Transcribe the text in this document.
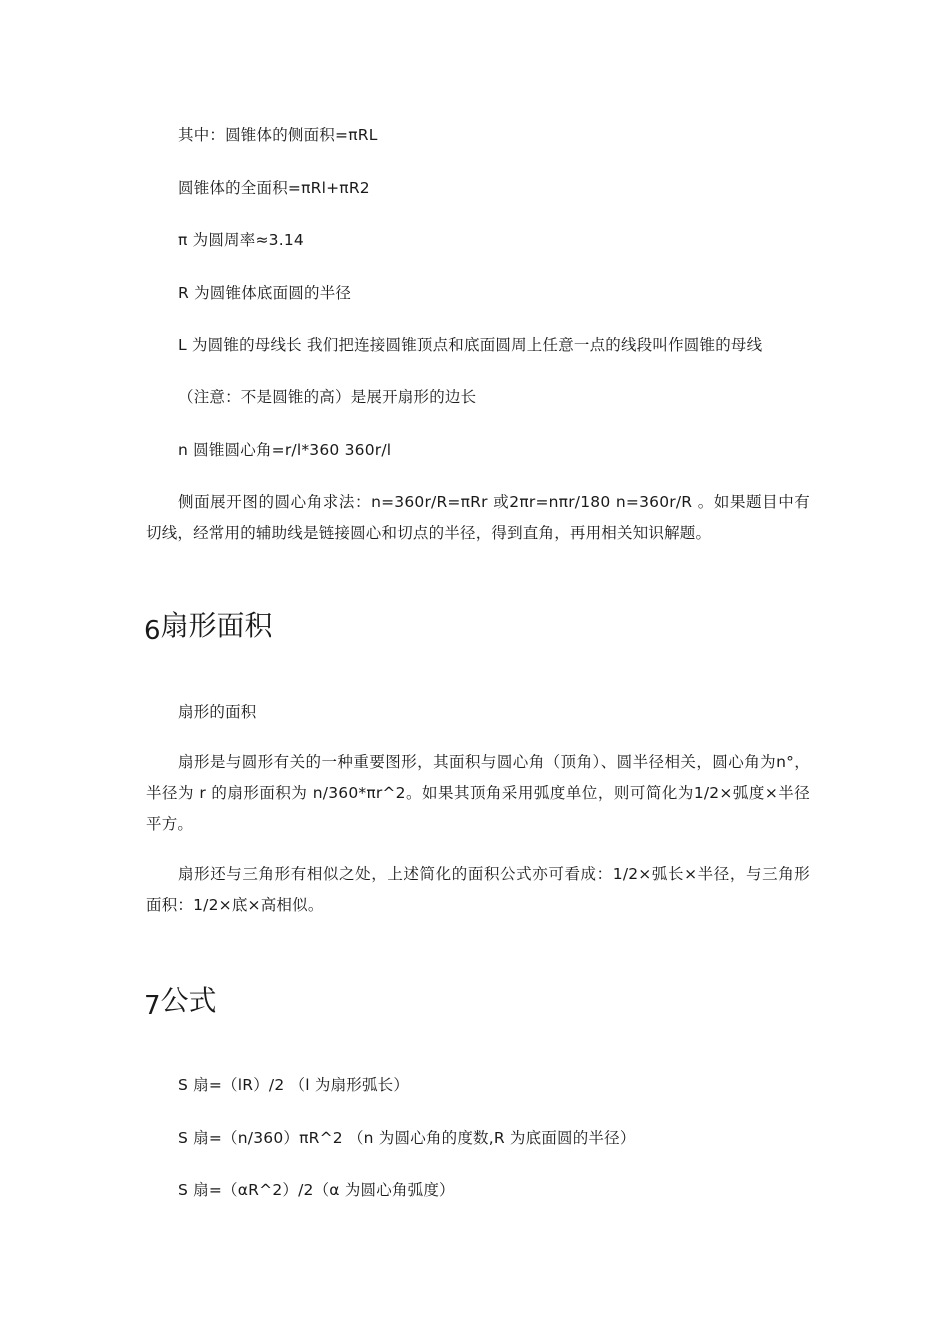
其中：圆锥体的侧面积=πRL
圆锥体的全面积=πRl+πR2
π 为圆周率≈3.14
R 为圆锥体底面圆的半径
L 为圆锥的母线长 我们把连接圆锥顶点和底面圆周上任意一点的线段叫作圆锥的母线
（注意：不是圆锥的高）是展开扇形的边长
n 圆锥圆心角=r/l*360 360r/l
侧面展开图的圆心角求法：n=360r/R=πRr 或2πr=nπr/180 n=360r/R 。如果题目中有切线，经常用的辅助线是链接圆心和切点的半径，得到直角，再用相关知识解题。
6扇形面积
扇形的面积
扇形是与圆形有关的一种重要图形，其面积与圆心角（顶角）、圆半径相关，圆心角为n°，半径为 r 的扇形面积为 n/360*πr^2。如果其顶角采用弧度单位，则可简化为1/2×弧度×半径平方。
扇形还与三角形有相似之处，上述简化的面积公式亦可看成：1/2×弧长×半径，与三角形面积：1/2×底×高相似。
7公式
S 扇=（lR）/2 （l 为扇形弧长）
S 扇=（n/360）πR^2 （n 为圆心角的度数,R 为底面圆的半径）
S 扇=（αR^2）/2（α 为圆心角弧度）
